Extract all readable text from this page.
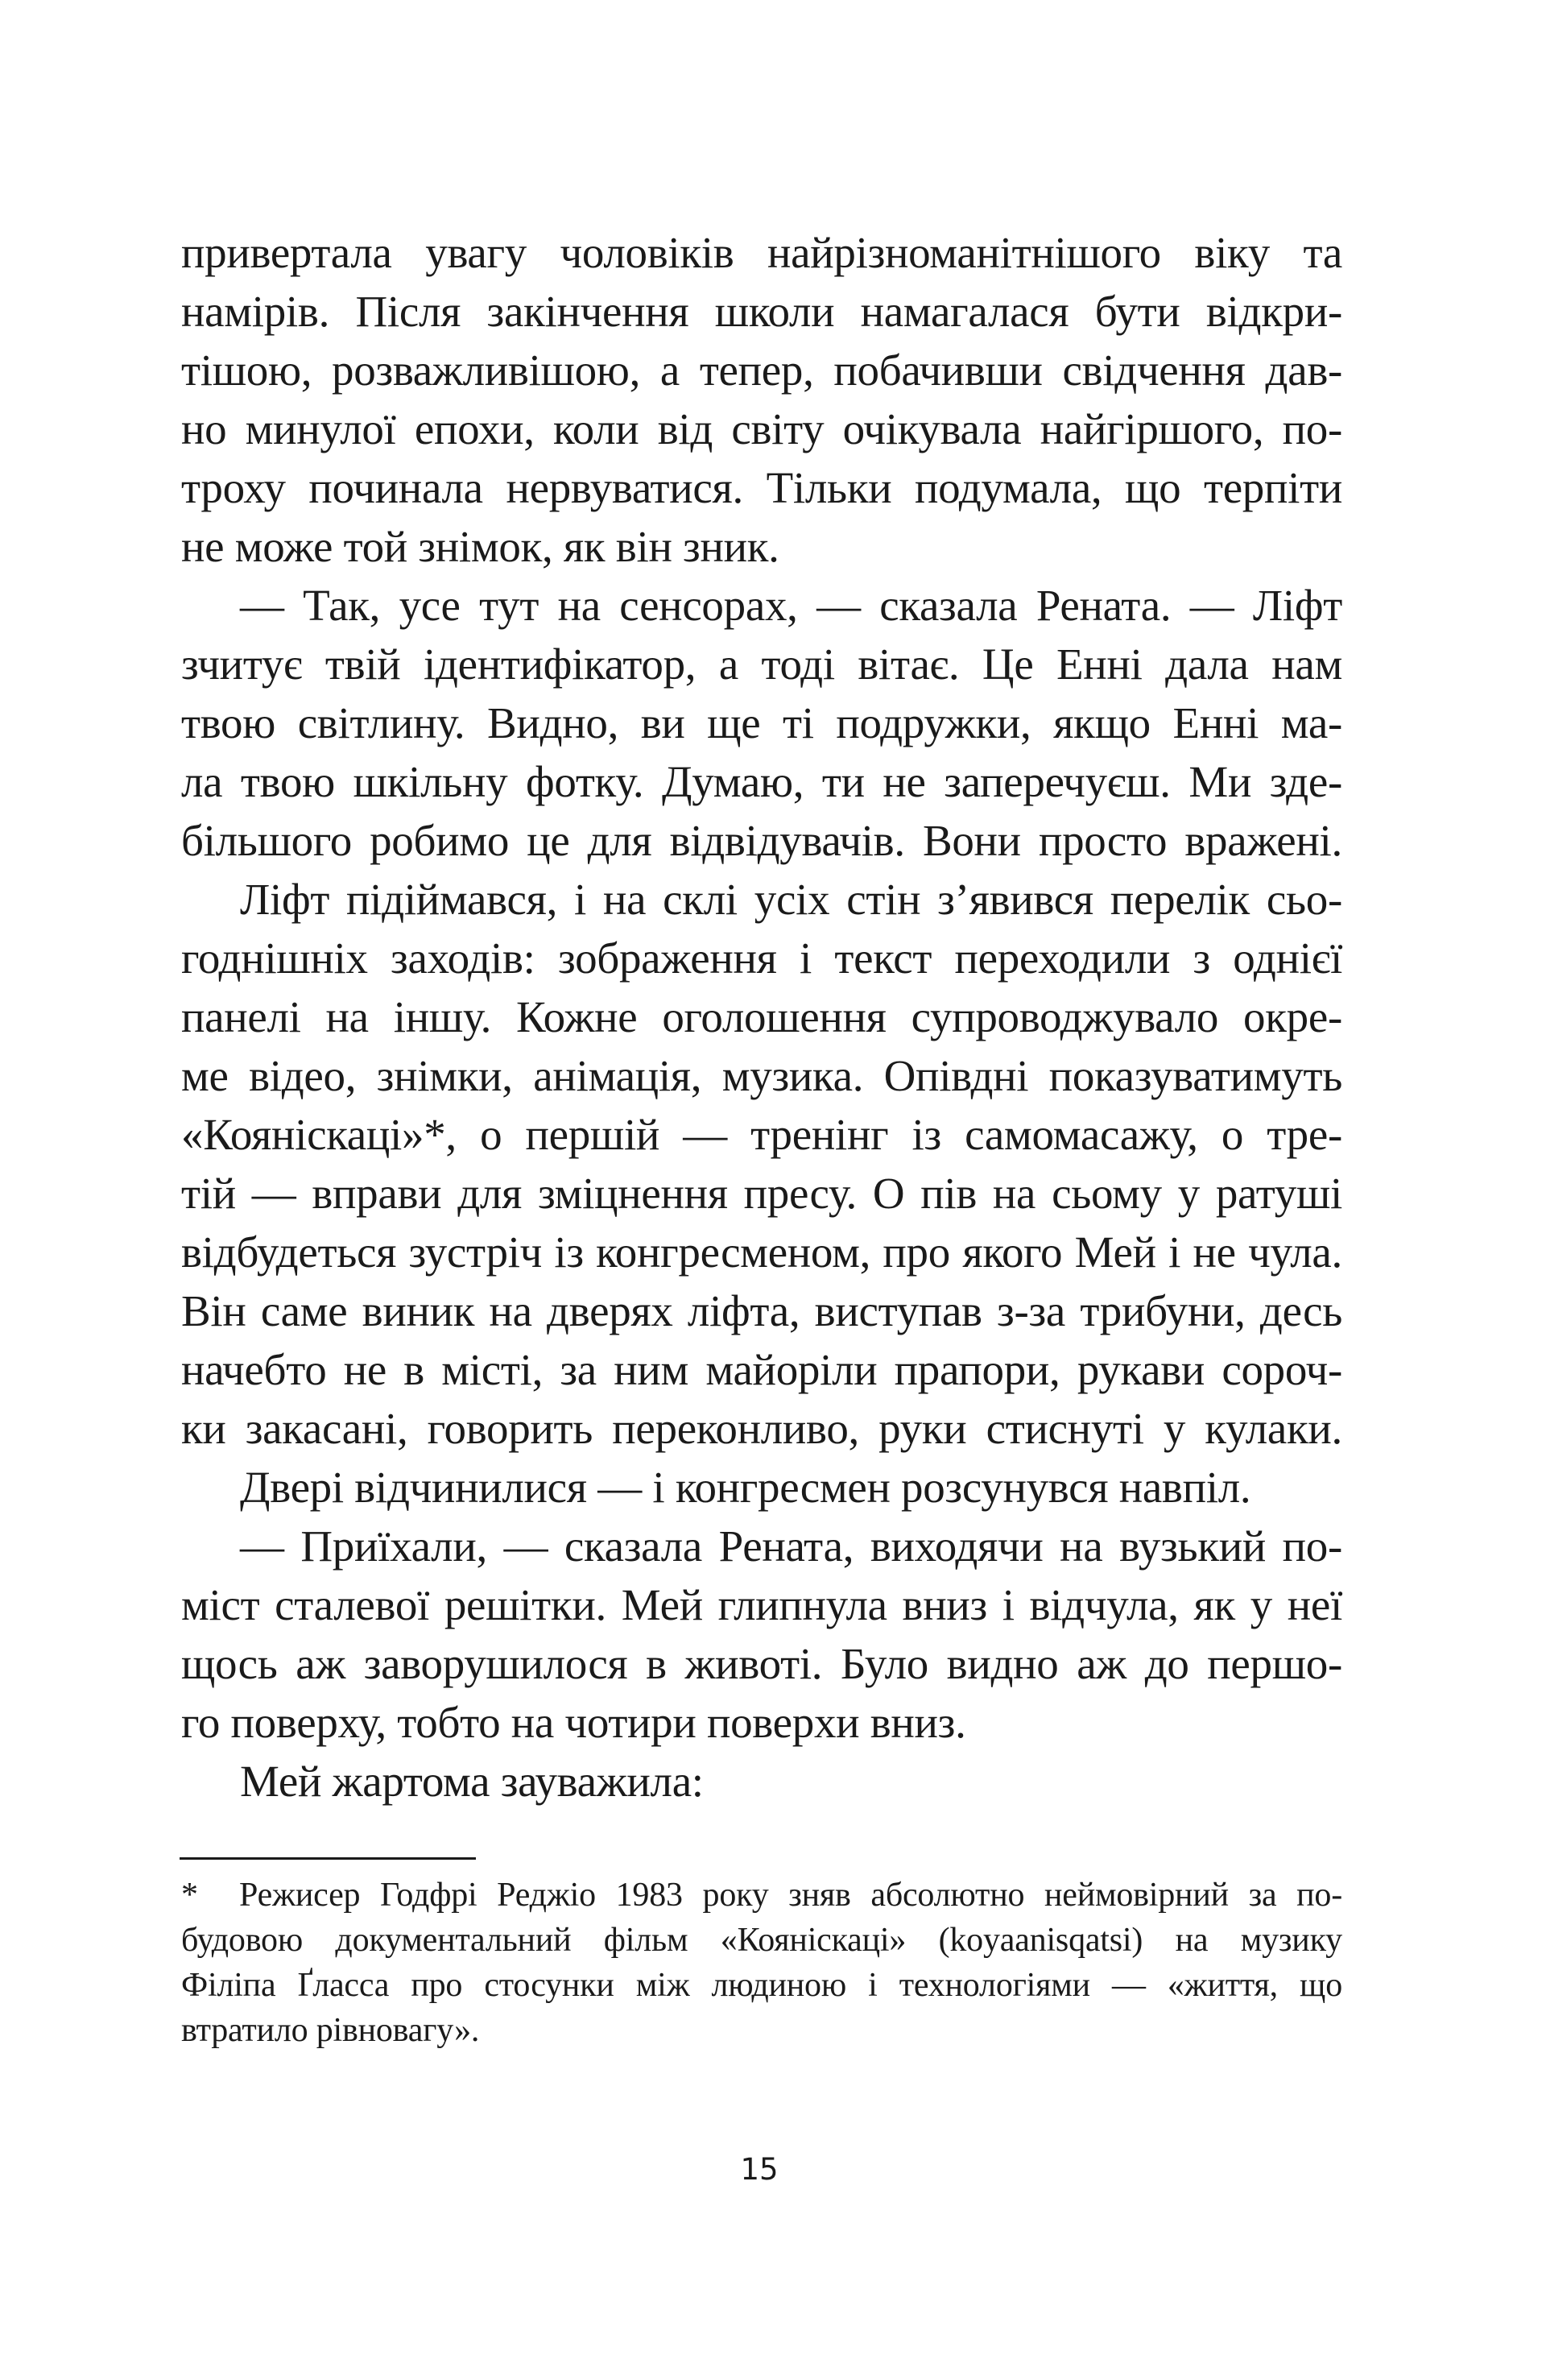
привертала увагу чоловіків найрізноманітнішого віку та
намірів. Після закінчення школи намагалася бути відкри-
тішою, розважливішою, а тепер, побачивши свідчення дав-
но минулої епохи, коли від світу очікувала найгіршого, по-
троху починала нервуватися. Тільки подумала, що терпіти
не може той знімок, як він зник.
— Так, усе тут на сенсорах, — сказала Рената. — Ліфт
зчитує твій ідентифікатор, а тоді вітає. Це Енні дала нам
твою світлину. Видно, ви ще ті подружки, якщо Енні ма-
ла твою шкільну фотку. Думаю, ти не заперечуєш. Ми зде-
більшого робимо це для відвідувачів. Вони просто вражені.
Ліфт підіймався, і на склі усіх стін з’явився перелік сьо-
годнішніх заходів: зображення і текст переходили з однієї
панелі на іншу. Кожне оголошення супроводжувало окре-
ме відео, знімки, анімація, музика. Опівдні показуватимуть
«Кояніскаці»*, о першій — тренінг із самомасажу, о тре-
тій — вправи для зміцнення пресу. О пів на сьому у ратуші
відбудеться зустріч із конгресменом, про якого Мей і не чула.
Він саме виник на дверях ліфта, виступав з-за трибуни, десь
начебто не в місті, за ним майоріли прапори, рукави сороч-
ки закасані, говорить переконливо, руки стиснуті у кулаки.
Двері відчинилися — і конгресмен розсунувся навпіл.
— Приїхали, — сказала Рената, виходячи на вузький по-
міст сталевої решітки. Мей глипнула вниз і відчула, як у неї
щось аж заворушилося в животі. Було видно аж до першо-
го поверху, тобто на чотири поверхи вниз.
Мей жартома зауважила:
* Режисер Годфрі Реджіо 1983 року зняв абсолютно неймовірний за по-
будовою документальний фільм «Кояніскаці» (koyaanisqatsi) на музику
Філіпа Ґласса про стосунки між людиною і технологіями — «життя, що
втратило рівновагу».
15
